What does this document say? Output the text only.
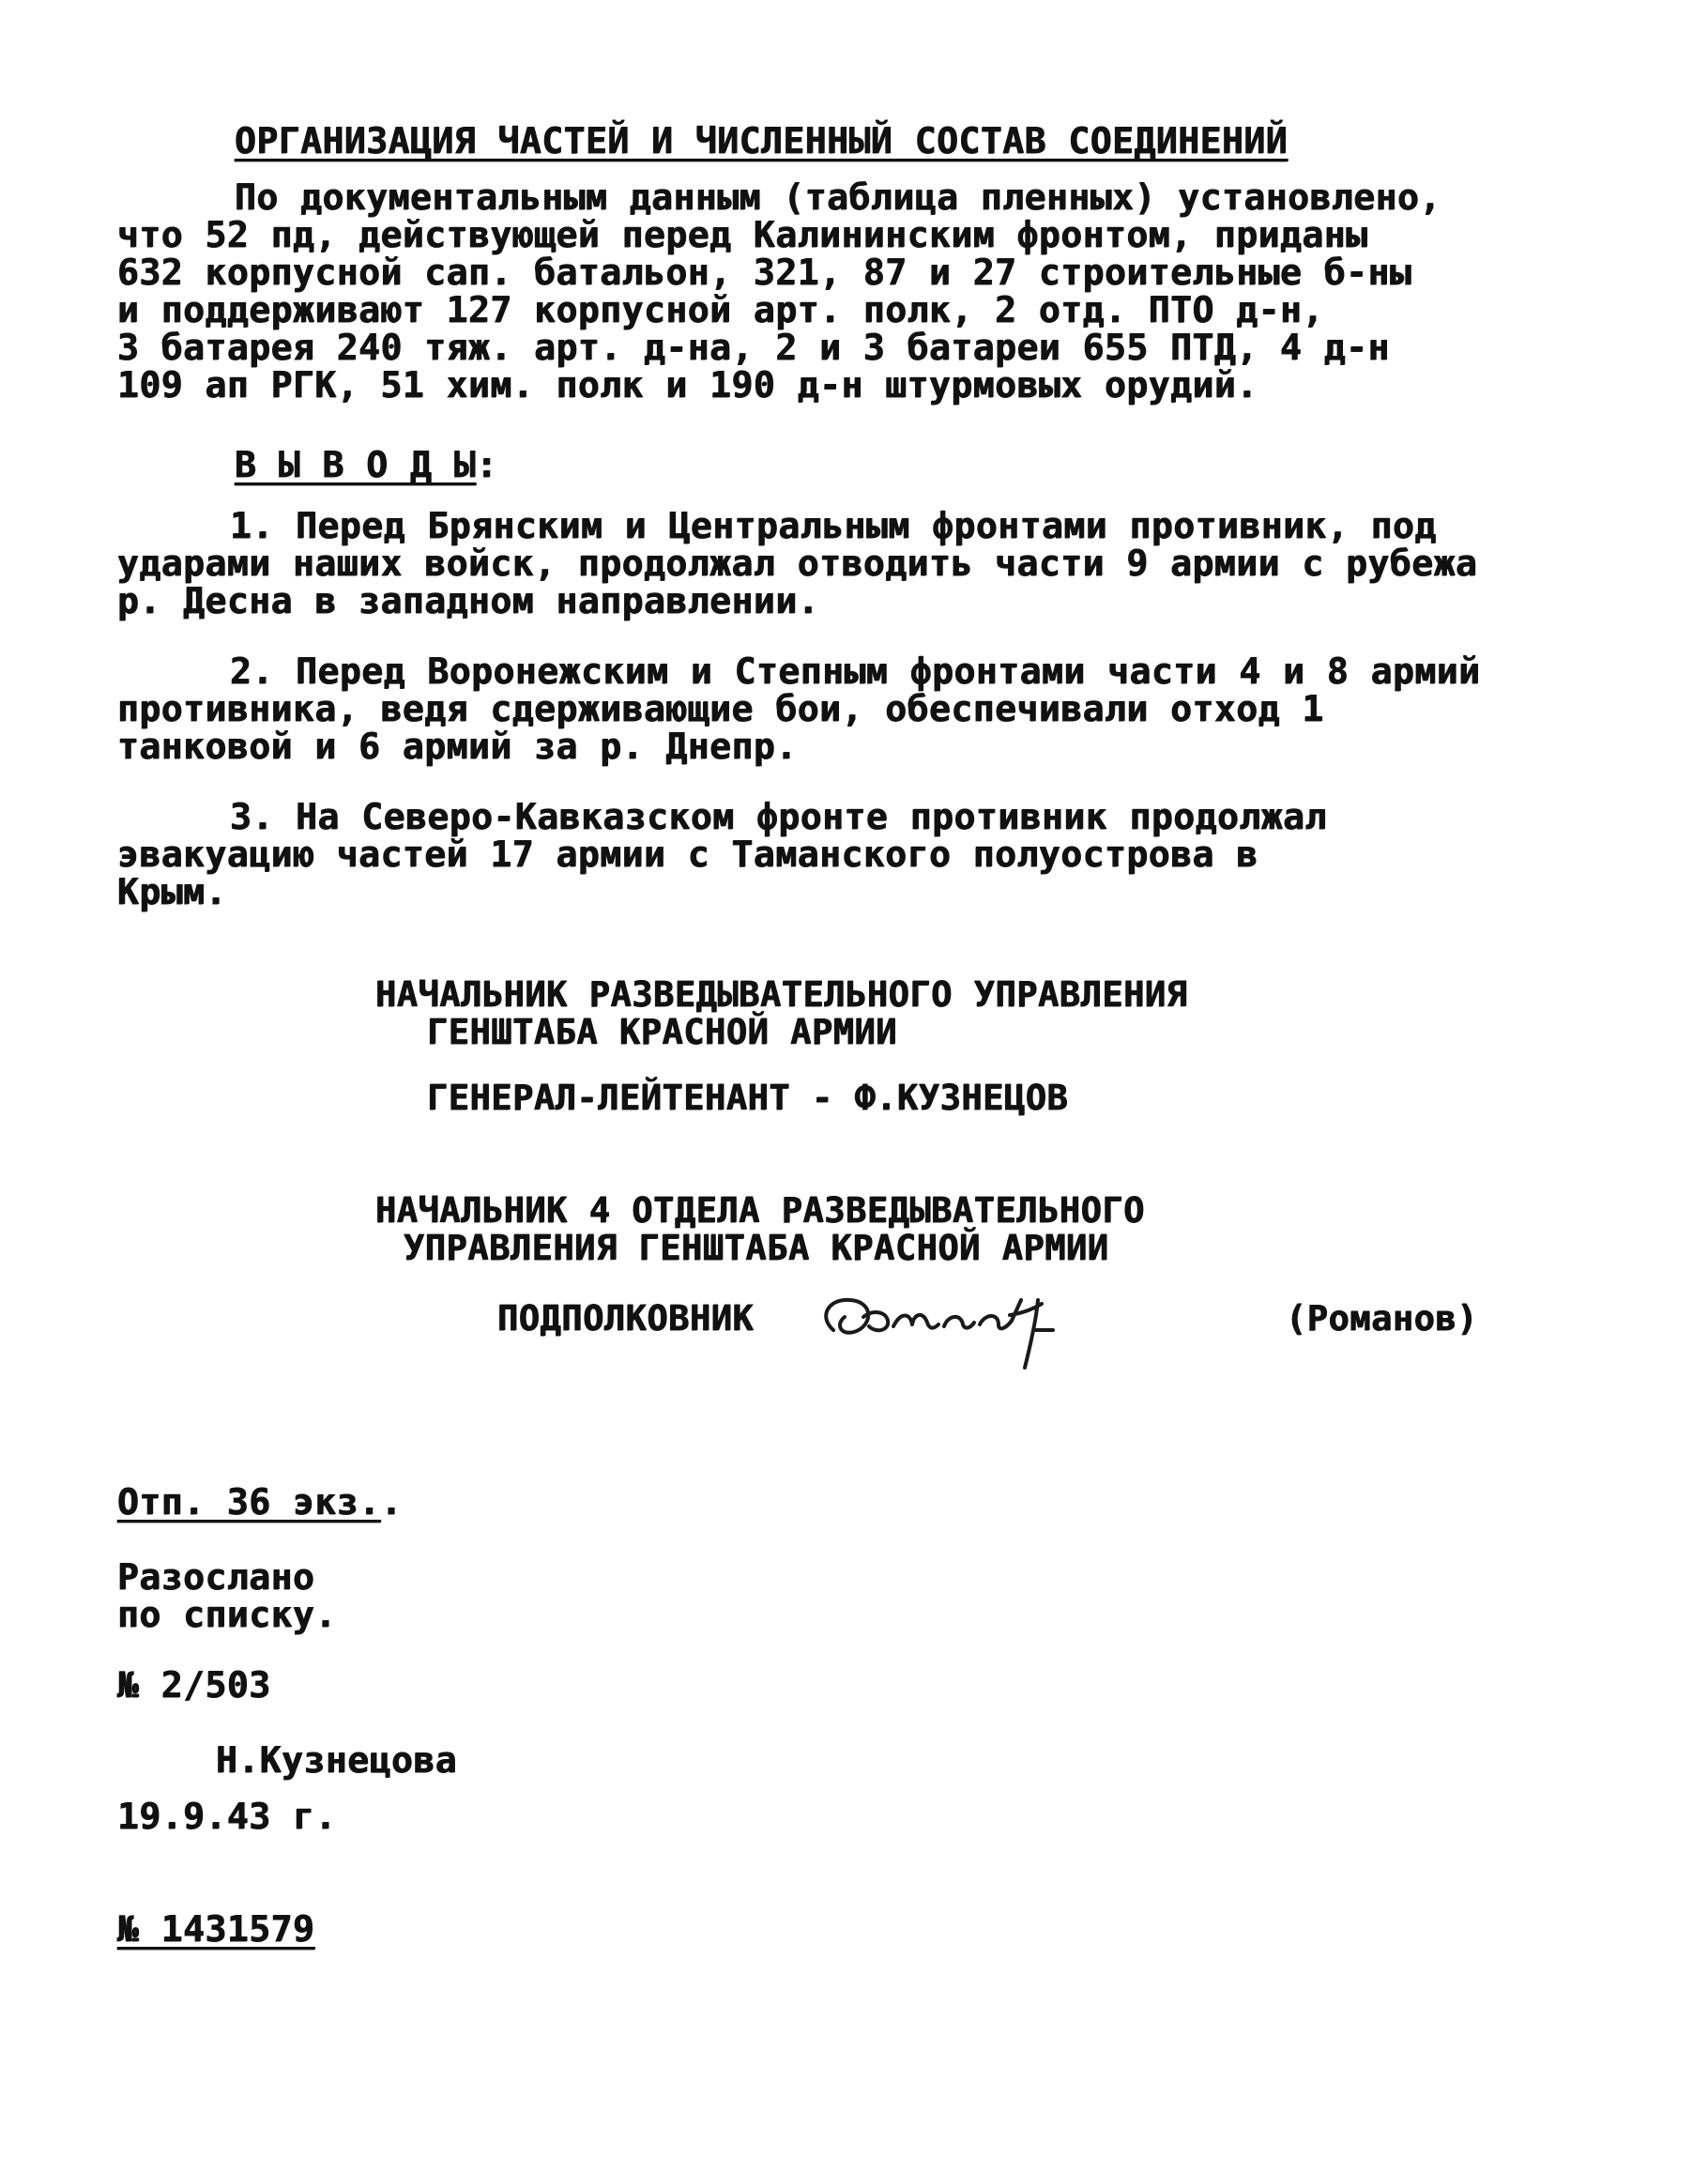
ОРГАНИЗАЦИЯ ЧАСТЕЙ И ЧИСЛЕННЫЙ СОСТАВ СОЕДИНЕНИЙ
По документальным данным (таблица пленных) установлено,
что 52 пд, действующей перед Калининским фронтом, приданы
632 корпусной сап. батальон, 321, 87 и 27 строительные б-ны
и поддерживают 127 корпусной арт. полк, 2 отд. ПТО д-н,
3 батарея 240 тяж. арт. д-на, 2 и 3 батареи 655 ПТД, 4 д-н
109 ап РГК, 51 хим. полк и 190 д-н штурмовых орудий.
В Ы В О Д Ы:
1. Перед Брянским и Центральным фронтами противник, под
ударами наших войск, продолжал отводить части 9 армии с рубежа
р. Десна в западном направлении.
2. Перед Воронежским и Степным фронтами части 4 и 8 армий
противника, ведя сдерживающие бои, обеспечивали отход 1
танковой и 6 армий за р. Днепр.
3. На Северо-Кавказском фронте противник продолжал
эвакуацию частей 17 армии с Таманского полуострова в
Крым.
НАЧАЛЬНИК РАЗВЕДЫВАТЕЛЬНОГО УПРАВЛЕНИЯ
ГЕНШТАБА КРАСНОЙ АРМИИ
ГЕНЕРАЛ-ЛЕЙТЕНАНТ - Ф.КУЗНЕЦОВ
НАЧАЛЬНИК 4 ОТДЕЛА РАЗВЕДЫВАТЕЛЬНОГО
УПРАВЛЕНИЯ ГЕНШТАБА КРАСНОЙ АРМИИ
ПОДПОЛКОВНИК	(Романов)
Отп. 36 экз..
Разослано
по списку.
№ 2/503
Н.Кузнецова
19.9.43 г.
№ 1431579
